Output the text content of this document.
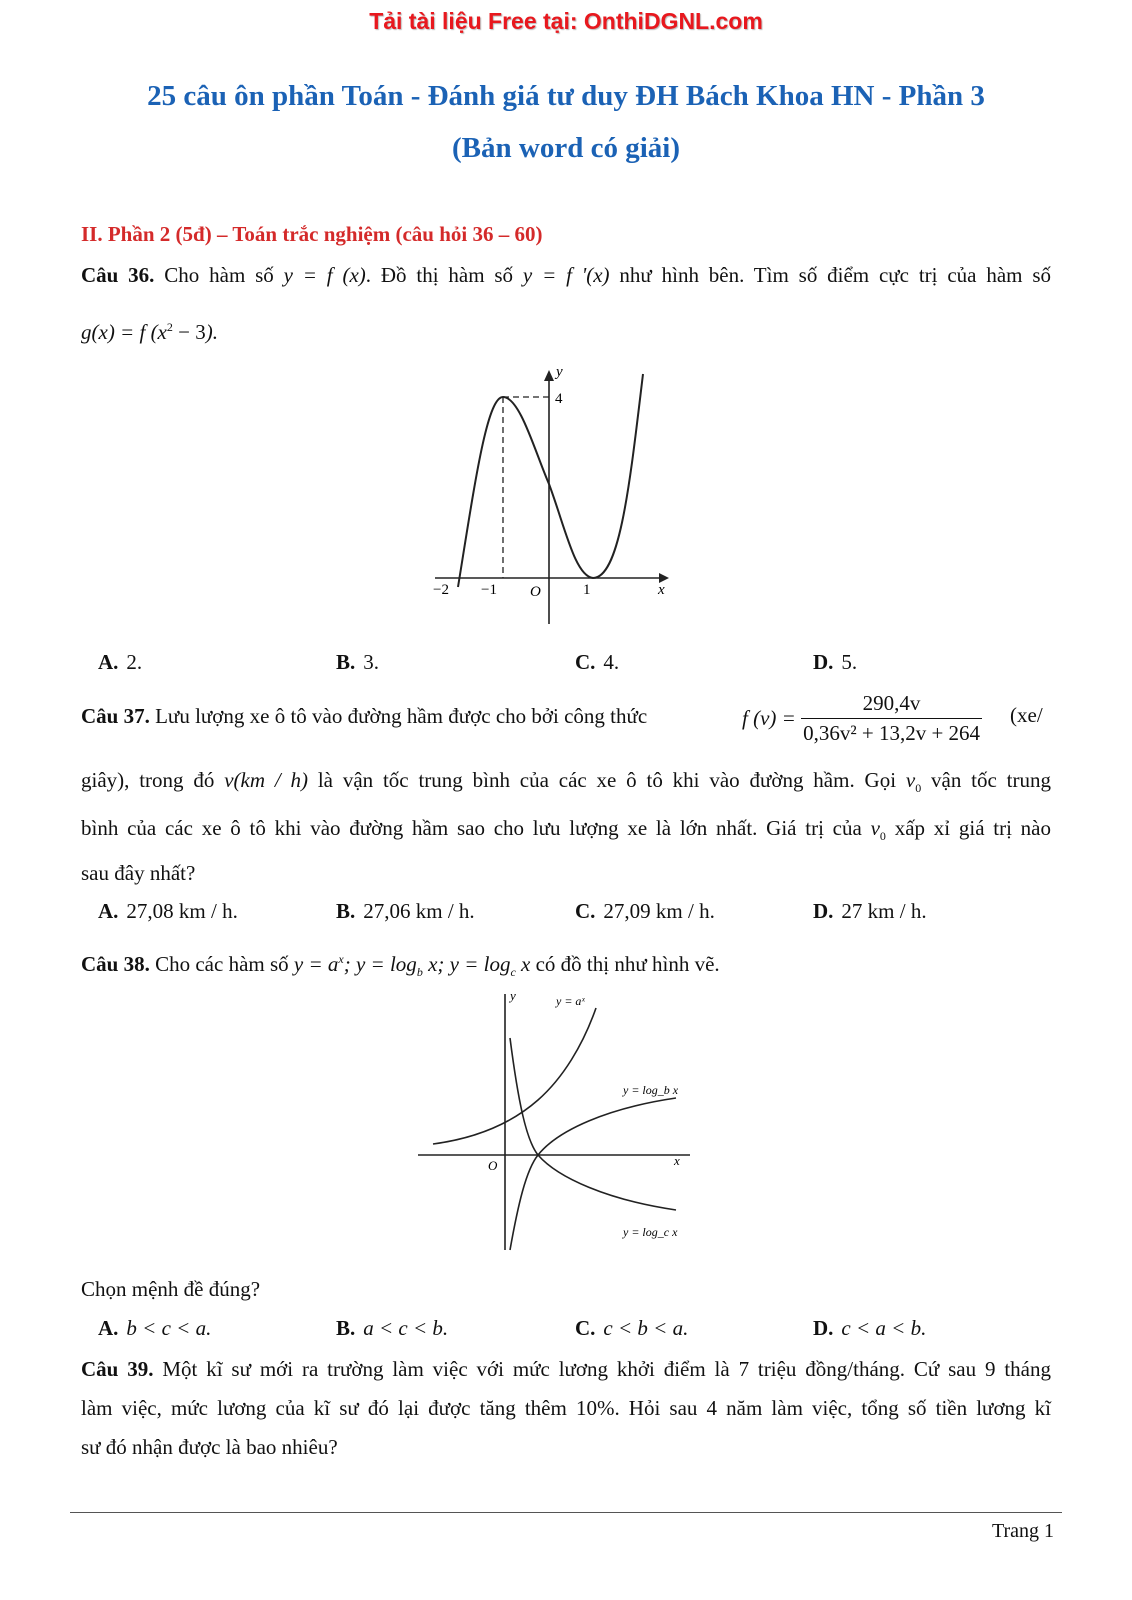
Tải tài liệu Free tại: OnthiDGNL.com
25 câu ôn phần Toán - Đánh giá tư duy ĐH Bách Khoa HN - Phần 3
(Bản word có giải)
II. Phần 2 (5đ) – Toán trắc nghiệm (câu hỏi 36 – 60)
Câu 36. Cho hàm số y = f (x). Đồ thị hàm số y = f '(x) như hình bên. Tìm số điểm cực trị của hàm số
g(x) = f $(x^2 - 3)$.
y
4
x
−2 −1 O	1
A. 2.	B. 3.	C. 4.	D. 5.
Câu 37. Lưu lượng xe ô tô vào đường hầm được cho bởi công thức	f $(v) = \frac{290,4v}{\text{0,36v² + 13,2v + 264}} (xe/$
giây), trong đó v(km / h) là vận tốc trung bình của các xe ô tô khi vào đường hầm. Gọi $v_0$ vận tốc trung
bình của các xe ô tô khi vào đường hầm sao cho lưu lượng xe là lớn nhất. Giá trị của $v_0$ xấp xỉ giá trị nào
sau đây nhất?
A. 27,08 km / h.	B. 27,06 km / h.	C. 27,09 km / h.	D. 27 km / h.
Câu 38. Cho các hàm số $y = a^x$; $y = \log_b x$; $y = \log_c x$ có đồ thị như hình vẽ.
y
x
O
y = aˣ
y = log_b x
y = log_c x
Chọn mệnh đề đúng?
A. b < c < a.	B. a < c < b.	C. c < b < a.	D. c < a < b.
Câu 39. Một kĩ sư mới ra trường làm việc với mức lương khởi điểm là 7 triệu đồng/tháng. Cứ sau 9 tháng
làm việc, mức lương của kĩ sư đó lại được tăng thêm 10%. Hỏi sau 4 năm làm việc, tổng số tiền lương kĩ
sư đó nhận được là bao nhiêu?
Trang 1
